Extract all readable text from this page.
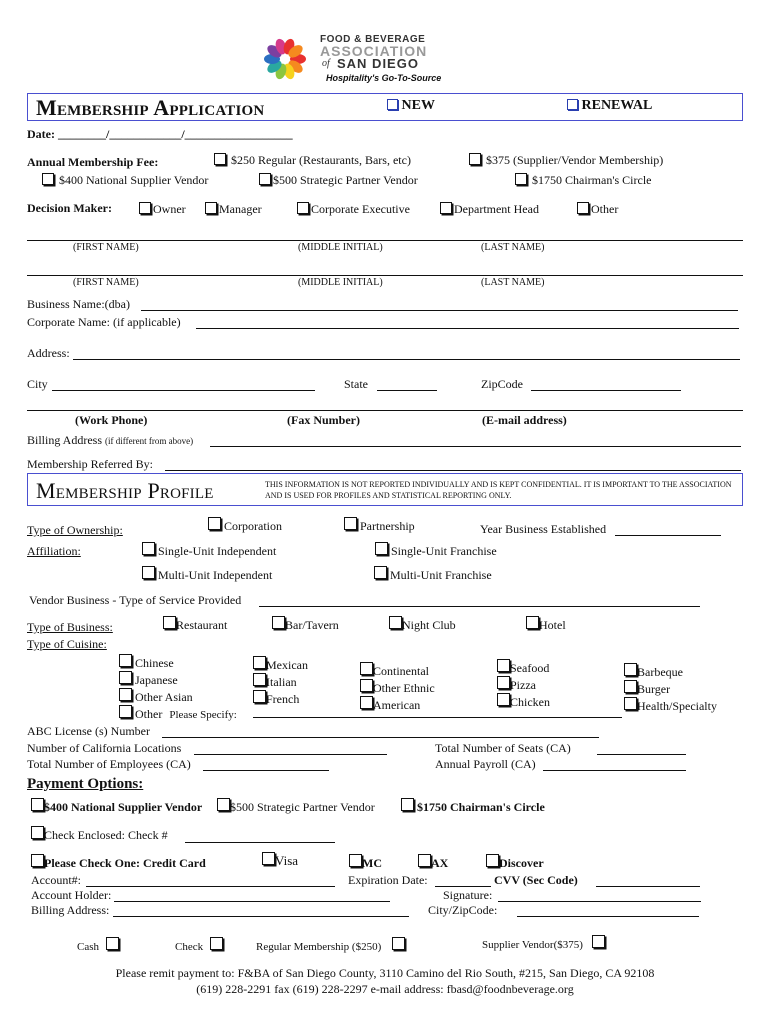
FOOD & BEVERAGE
ASSOCIATION
of SAN DIEGO
Hospitality's Go-To-Source
Membership Application	NEW	RENEWAL
Date: ________/____________/__________________
Annual Membership Fee:	$250 Regular (Restaurants, Bars, etc)	$375 (Supplier/Vendor Membership)
$400 National Supplier Vendor	$500 Strategic Partner Vendor	$1750 Chairman's Circle
Decision Maker:	Owner	Manager	Corporate Executive	Department Head	Other
(FIRST NAME)	(MIDDLE INITIAL)	(LAST NAME)
(FIRST NAME)	(MIDDLE INITIAL)	(LAST NAME)
Business Name:(dba)
Corporate Name: (if applicable)
Address:
City	State	ZipCode
(Work Phone)	(Fax Number)	(E-mail address)
Billing Address (if different from above)
Membership Referred By:
Membership Profile	THIS INFORMATION IS NOT REPORTED INDIVIDUALLY AND IS KEPT CONFIDENTIAL. IT IS IMPORTANT TO THE ASSOCIATION AND IS USED FOR PROFILES AND STATISTICAL REPORTING ONLY.
Type of Ownership:	Corporation	Partnership	Year Business Established
Affiliation:	Single-Unit Independent	Single-Unit Franchise
Multi-Unit Independent	Multi-Unit Franchise
Vendor Business - Type of Service Provided
Type of Business:	Restaurant	Bar/Tavern	Night Club	Hotel
Type of Cuisine:
Chinese
Japanese
Other Asian
Other Please Specify:
Mexican
Italian
French
Continental
Other Ethnic
American
Seafood
Pizza
Chicken
Barbeque
Burger
Health/Specialty
ABC License (s) Number
Number of California Locations	Total Number of Seats (CA)
Total Number of Employees (CA)	Annual Payroll (CA)
Payment Options:
$400 National Supplier Vendor	$500 Strategic Partner Vendor	$1750 Chairman's Circle
Check Enclosed: Check #
Please Check One: Credit Card	Visa	MC	AX	Discover
Account#:	Expiration Date:	CVV (Sec Code)
Account Holder:	Signature:
Billing Address:	City/ZipCode:
Cash	Check	Regular Membership ($250)	Supplier Vendor($375)
Please remit payment to: F&BA of San Diego County, 3110 Camino del Rio South, #215, San Diego, CA 92108
(619) 228-2291 fax (619) 228-2297 e-mail address: fbasd@foodnbeverage.org
